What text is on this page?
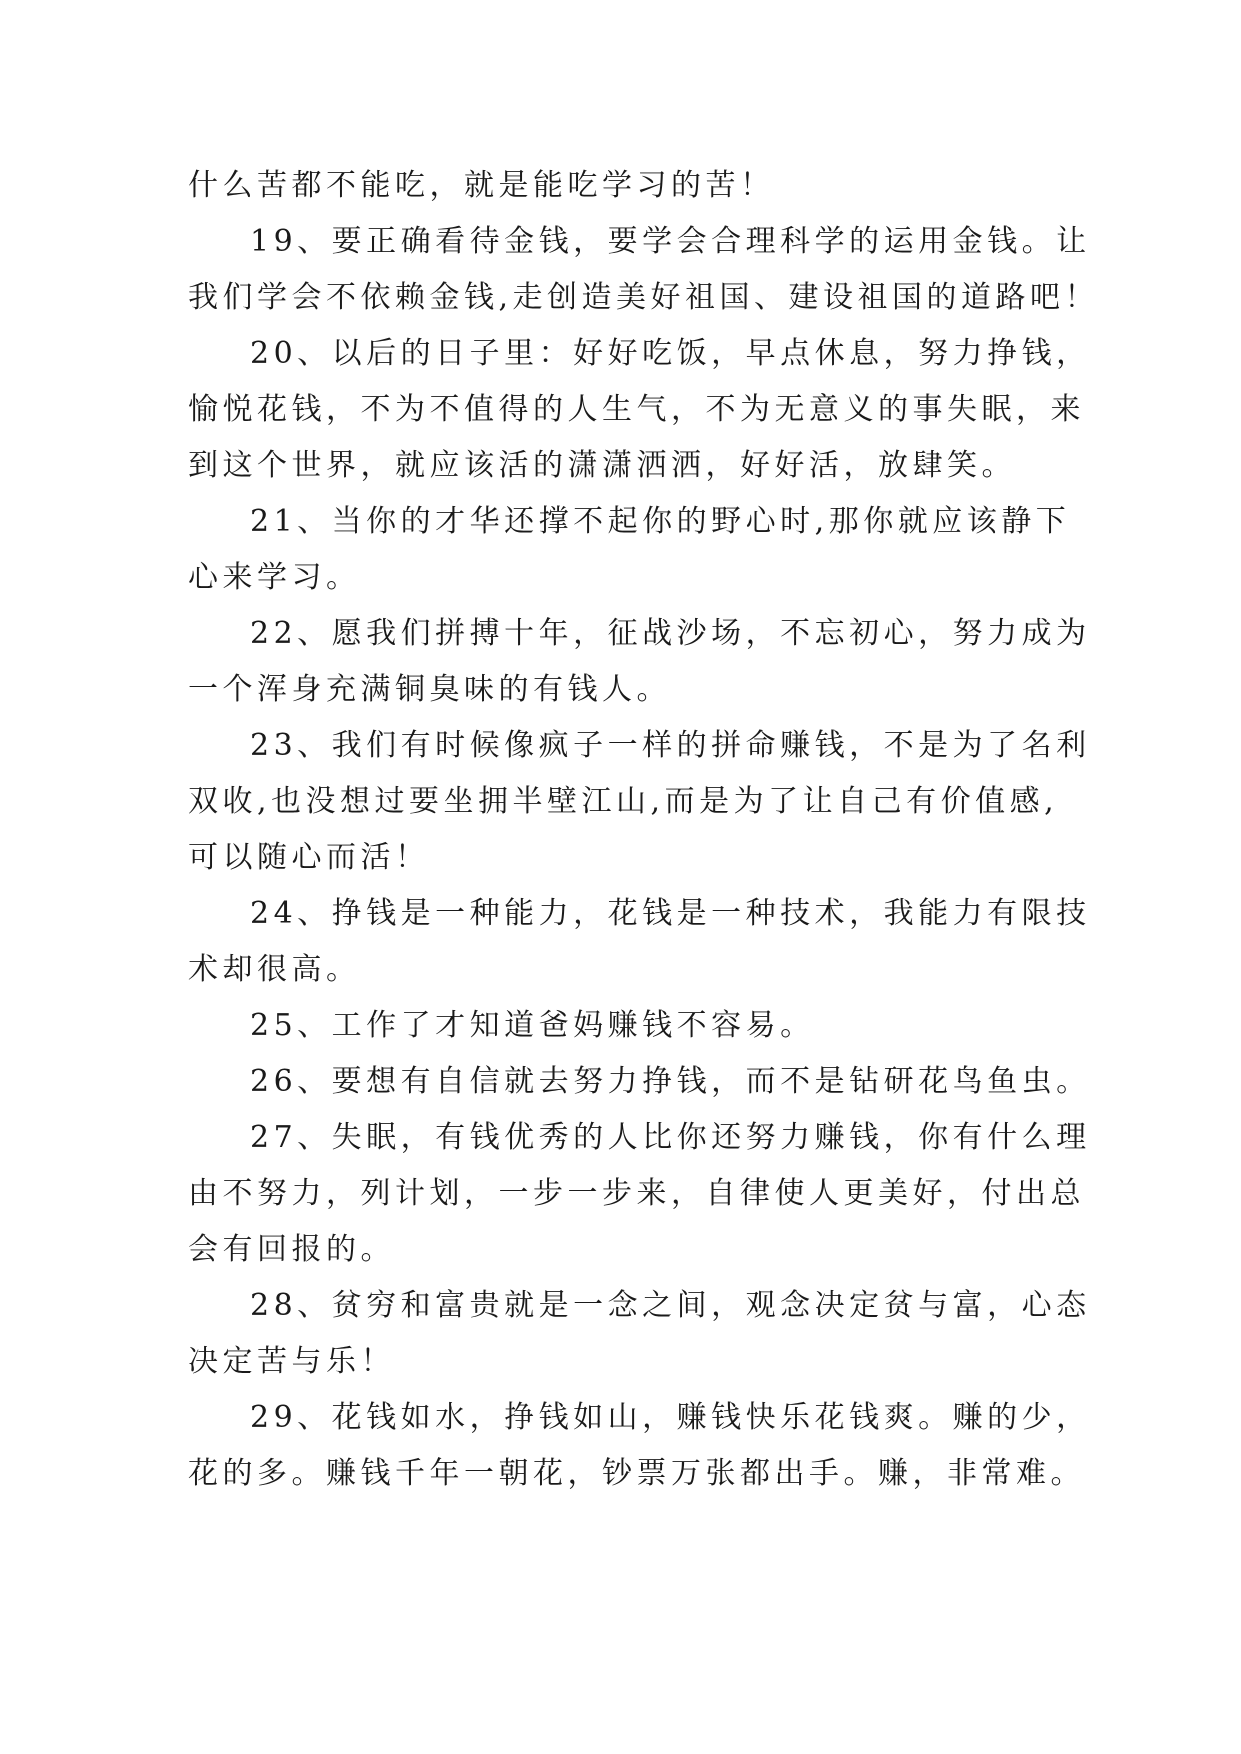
什么苦都不能吃，就是能吃学习的苦！
19、要正确看待金钱，要学会合理科学的运用金钱。让
我们学会不依赖金钱,走创造美好祖国、建设祖国的道路吧！
20、以后的日子里：好好吃饭，早点休息，努力挣钱，
愉悦花钱，不为不值得的人生气，不为无意义的事失眠，来
到这个世界，就应该活的潇潇洒洒，好好活，放肆笑。
21、当你的才华还撑不起你的野心时,那你就应该静下
心来学习。
22、愿我们拼搏十年，征战沙场，不忘初心，努力成为
一个浑身充满铜臭味的有钱人。
23、我们有时候像疯子一样的拼命赚钱，不是为了名利
双收,也没想过要坐拥半壁江山,而是为了让自己有价值感,
可以随心而活！
24、挣钱是一种能力，花钱是一种技术，我能力有限技
术却很高。
25、工作了才知道爸妈赚钱不容易。
26、要想有自信就去努力挣钱，而不是钻研花鸟鱼虫。
27、失眠，有钱优秀的人比你还努力赚钱，你有什么理
由不努力，列计划，一步一步来，自律使人更美好，付出总
会有回报的。
28、贫穷和富贵就是一念之间，观念决定贫与富，心态
决定苦与乐！
29、花钱如水，挣钱如山，赚钱快乐花钱爽。赚的少，
花的多。赚钱千年一朝花，钞票万张都出手。赚，非常难。
